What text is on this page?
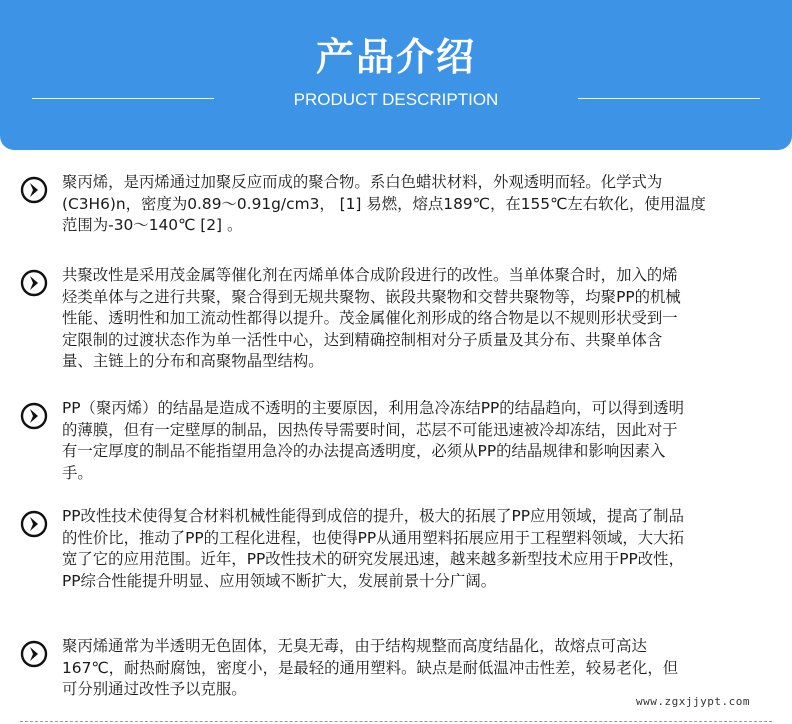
产品介绍
PRODUCT DESCRIPTION
聚丙烯，是丙烯通过加聚反应而成的聚合物。系白色蜡状材料，外观透明而轻。化学式为
(C3H6)n，密度为0.89～0.91g/cm3， [1] 易燃，熔点189℃，在155℃左右软化，使用温度
范围为-30～140℃ [2] 。
共聚改性是采用茂金属等催化剂在丙烯单体合成阶段进行的改性。当单体聚合时，加入的烯
烃类单体与之进行共聚，聚合得到无规共聚物、嵌段共聚物和交替共聚物等，均聚PP的机械
性能、透明性和加工流动性都得以提升。茂金属催化剂形成的络合物是以不规则形状受到一
定限制的过渡状态作为单一活性中心，达到精确控制相对分子质量及其分布、共聚单体含
量、主链上的分布和高聚物晶型结构。
PP（聚丙烯）的结晶是造成不透明的主要原因，利用急冷冻结PP的结晶趋向，可以得到透明
的薄膜，但有一定壁厚的制品，因热传导需要时间，芯层不可能迅速被冷却冻结，因此对于
有一定厚度的制品不能指望用急冷的办法提高透明度，必须从PP的结晶规律和影响因素入
手。
PP改性技术使得复合材料机械性能得到成倍的提升，极大的拓展了PP应用领域，提高了制品
的性价比，推动了PP的工程化进程，也使得PP从通用塑料拓展应用于工程塑料领域，大大拓
宽了它的应用范围。近年，PP改性技术的研究发展迅速，越来越多新型技术应用于PP改性，
PP综合性能提升明显、应用领域不断扩大，发展前景十分广阔。
聚丙烯通常为半透明无色固体，无臭无毒，由于结构规整而高度结晶化，故熔点可高达
167℃，耐热耐腐蚀，密度小，是最轻的通用塑料。缺点是耐低温冲击性差，较易老化，但
可分别通过改性予以克服。
www.zgxjjypt.com
